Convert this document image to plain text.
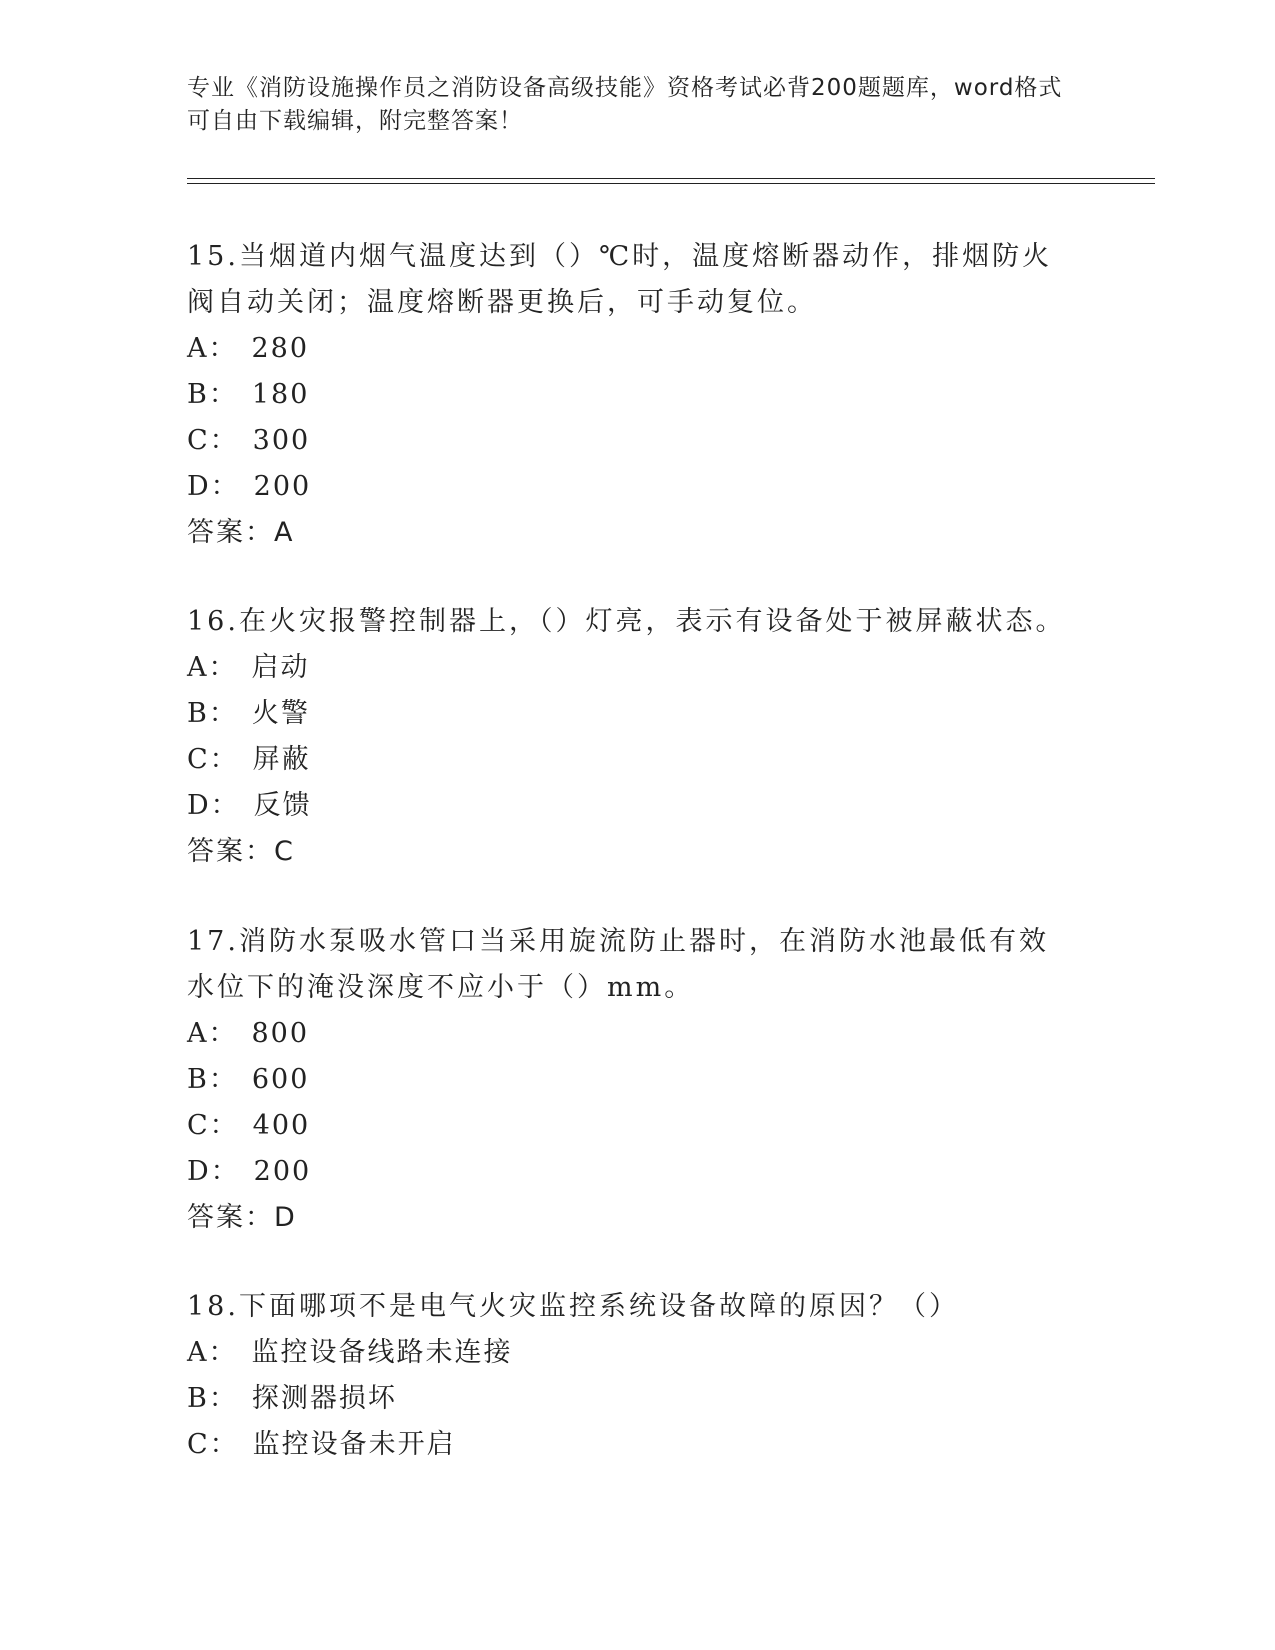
专业《消防设施操作员之消防设备高级技能》资格考试必背200题题库，word格式可自由下载编辑，附完整答案！

15.当烟道内烟气温度达到（）℃时，温度熔断器动作，排烟防火阀自动关闭；温度熔断器更换后，可手动复位。

A： 280

B： 180

C： 300

D： 200

答案：A

16.在火灾报警控制器上，（）灯亮，表示有设备处于被屏蔽状态。

A： 启动

B： 火警

C： 屏蔽

D： 反馈

答案：C

17.消防水泵吸水管口当采用旋流防止器时，在消防水池最低有效水位下的淹没深度不应小于（）mm。

A： 800

B： 600

C： 400

D： 200

答案：D

18.下面哪项不是电气火灾监控系统设备故障的原因？（）

A： 监控设备线路未连接

B： 探测器损坏

C： 监控设备未开启
